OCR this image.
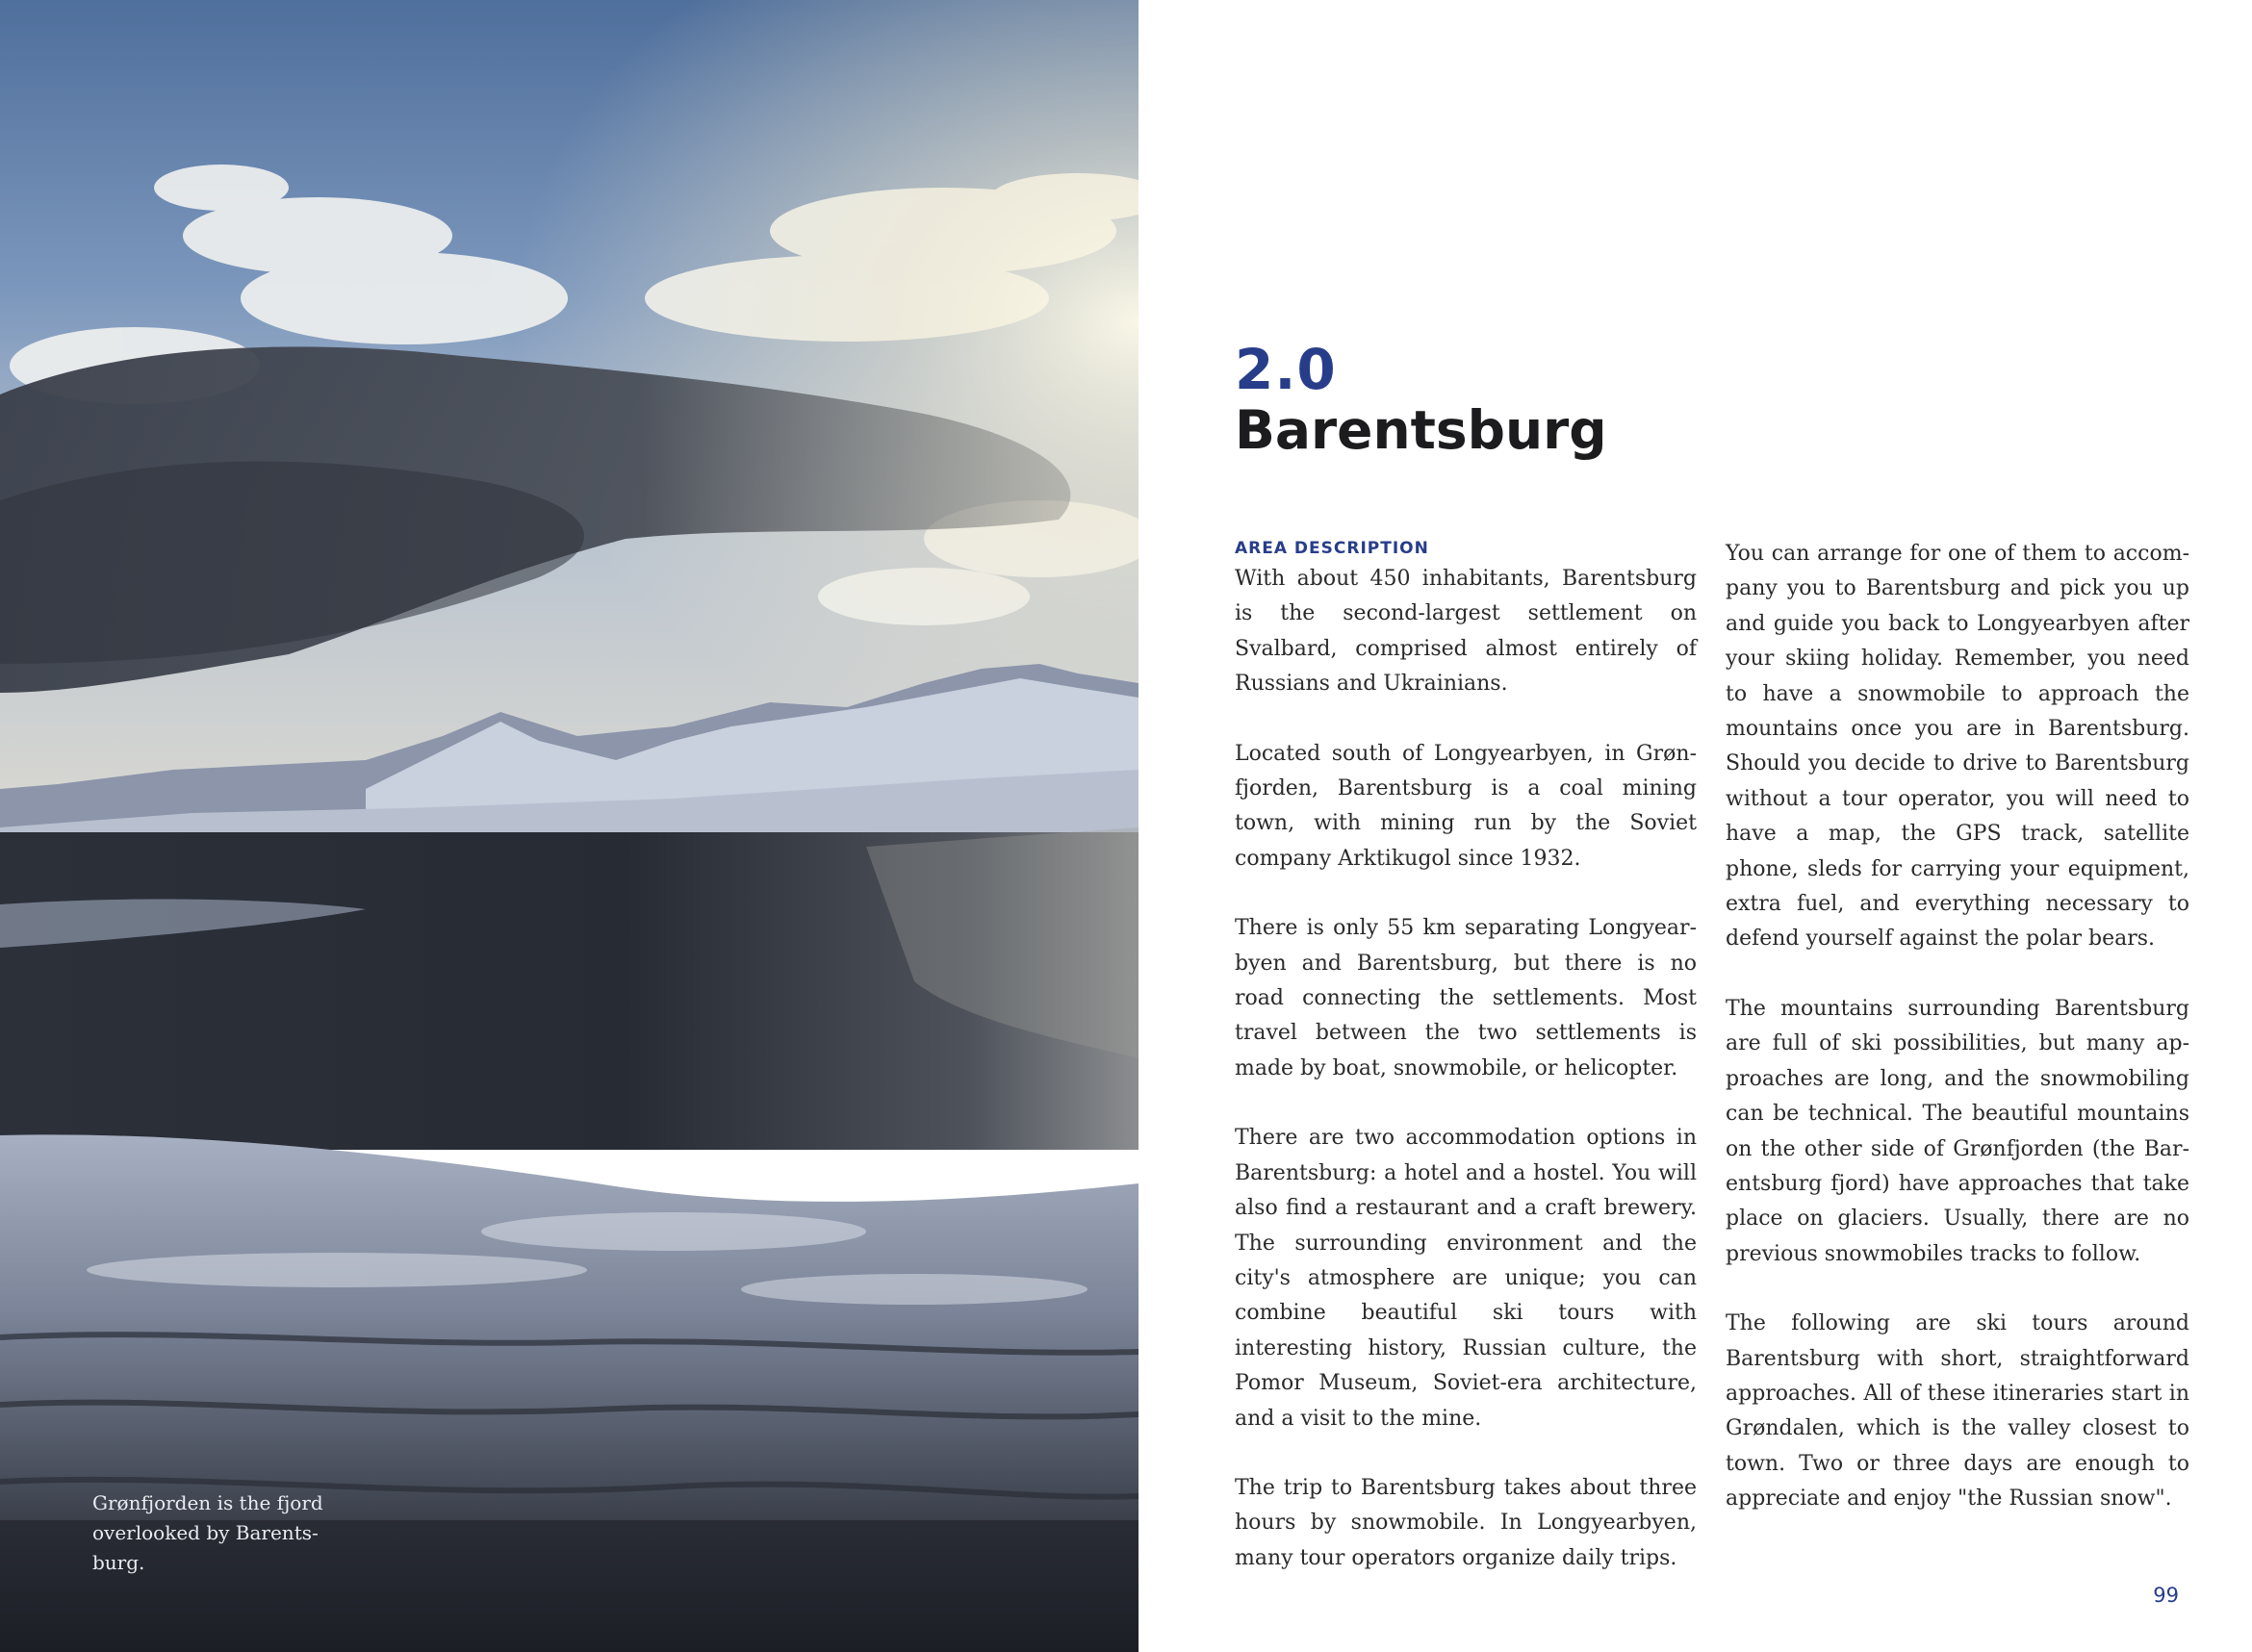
Grønfjorden is the fjord
overlooked by Barents-
burg.
2.0
Barentsburg
AREA DESCRIPTION

With about 450 inhabitants, Barentsburg is the second-largest settlement on Svalbard, comprised almost entirely of Russians and Ukrainians.

Located south of Longyearbyen, in Grønfjorden, Barentsburg is a coal mining town, with mining run by the Soviet company Arktikugol since 1932.

There is only 55 km separating Longyearbyen and Barentsburg, but there is no road connecting the settlements. Most travel between the two settlements is made by boat, snowmobile, or helicopter.

There are two accommodation options in Barentsburg: a hotel and a hostel. You will also find a restaurant and a craft brewery. The surrounding environment and the city's atmosphere are unique; you can combine beautiful ski tours with interesting history, Russian culture, the Pomor Museum, Soviet-era architecture, and a visit to the mine.

The trip to Barentsburg takes about three hours by snowmobile. In Longyearbyen, many tour operators organize daily trips.

You can arrange for one of them to accompany you to Barentsburg and pick you up and guide you back to Longyearbyen after your skiing holiday. Remember, you need to have a snowmobile to approach the mountains once you are in Barentsburg. Should you decide to drive to Barentsburg without a tour operator, you will need to have a map, the GPS track, satellite phone, sleds for carrying your equipment, extra fuel, and everything necessary to defend yourself against the polar bears.

The mountains surrounding Barentsburg are full of ski possibilities, but many approaches are long, and the snowmobiling can be technical. The beautiful mountains on the other side of Grønfjorden (the Barentsburg fjord) have approaches that take place on glaciers. Usually, there are no previous snowmobiles tracks to follow.

The following are ski tours around Barentsburg with short, straightforward approaches. All of these itineraries start in Grøndalen, which is the valley closest to town. Two or three days are enough to appreciate and enjoy "the Russian snow".

99
